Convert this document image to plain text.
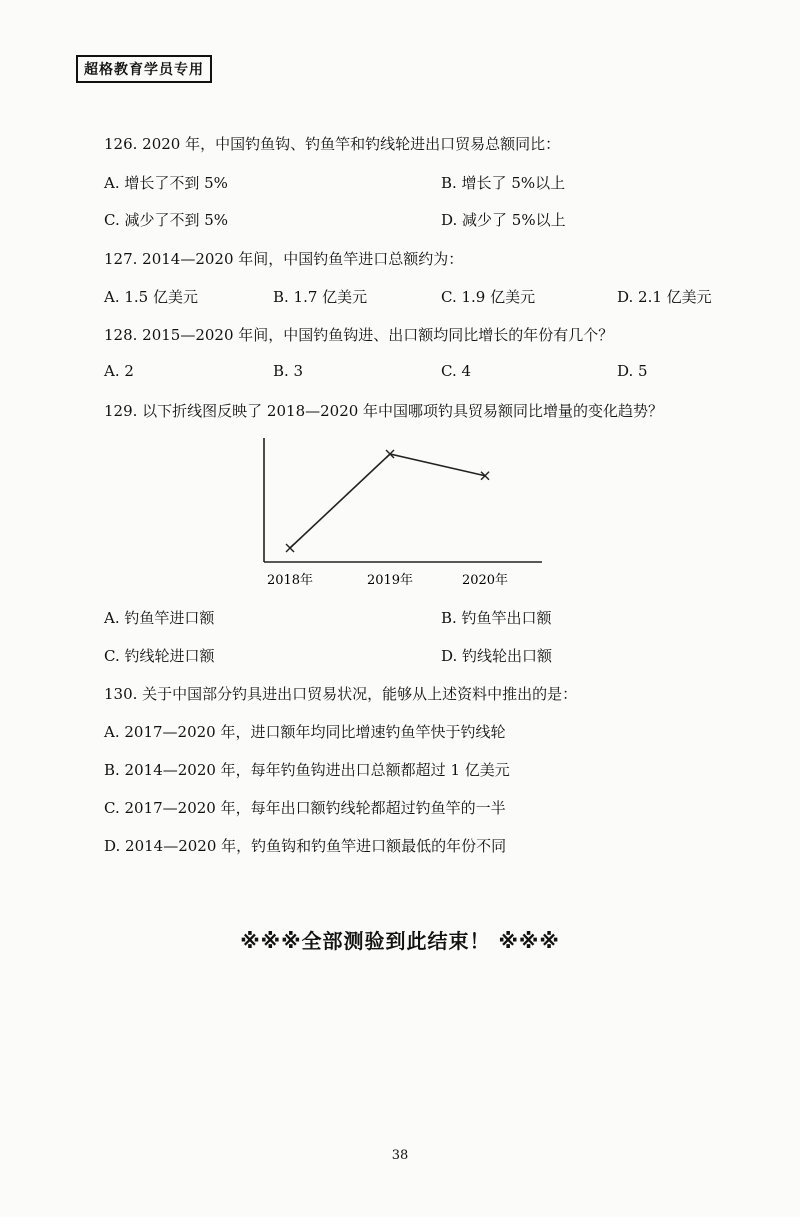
超格教育学员专用
126. 2020 年，中国钓鱼钩、钓鱼竿和钓线轮进出口贸易总额同比：
A. 增长了不到 5%	B. 增长了 5%以上
C. 减少了不到 5%	D. 减少了 5%以上
127. 2014—2020 年间，中国钓鱼竿进口总额约为：
A. 1.5 亿美元	B. 1.7 亿美元	C. 1.9 亿美元	D. 2.1 亿美元
128. 2015—2020 年间，中国钓鱼钩进、出口额均同比增长的年份有几个？
A. 2	B. 3	C. 4	D. 5
129. 以下折线图反映了 2018—2020 年中国哪项钓具贸易额同比增量的变化趋势？
2018年	2019年	2020年
A. 钓鱼竿进口额	B. 钓鱼竿出口额
C. 钓线轮进口额	D. 钓线轮出口额
130. 关于中国部分钓具进出口贸易状况，能够从上述资料中推出的是：
A. 2017—2020 年，进口额年均同比增速钓鱼竿快于钓线轮
B. 2014—2020 年，每年钓鱼钩进出口总额都超过 1 亿美元
C. 2017—2020 年，每年出口额钓线轮都超过钓鱼竿的一半
D. 2014—2020 年，钓鱼钩和钓鱼竿进口额最低的年份不同
※※※全部测验到此结束！ ※※※
38
